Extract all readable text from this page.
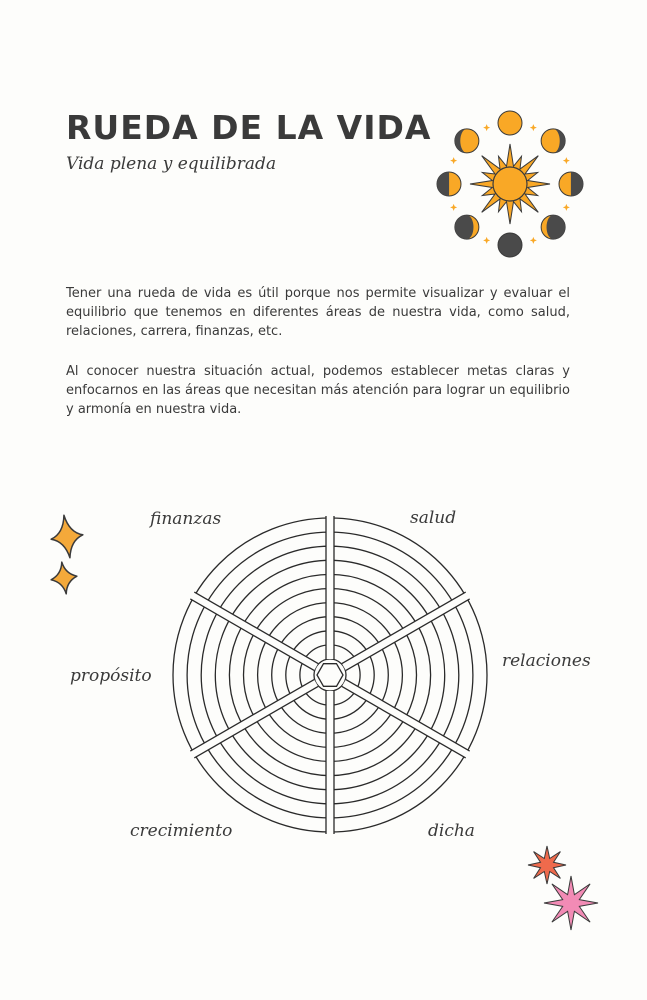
RUEDA DE LA VIDA
Vida plena y equilibrada

Tener una rueda de vida es útil porque nos permite visualizar y evaluar el equilibrio que tenemos en diferentes áreas de nuestra vida, como salud, relaciones, carrera, finanzas, etc.

Al conocer nuestra situación actual, podemos establecer metas claras y enfocarnos en las áreas que necesitan más atención para lograr un equilibrio y armonía en nuestra vida.

finanzas	salud
relaciones
dicha
crecimiento
propósito
